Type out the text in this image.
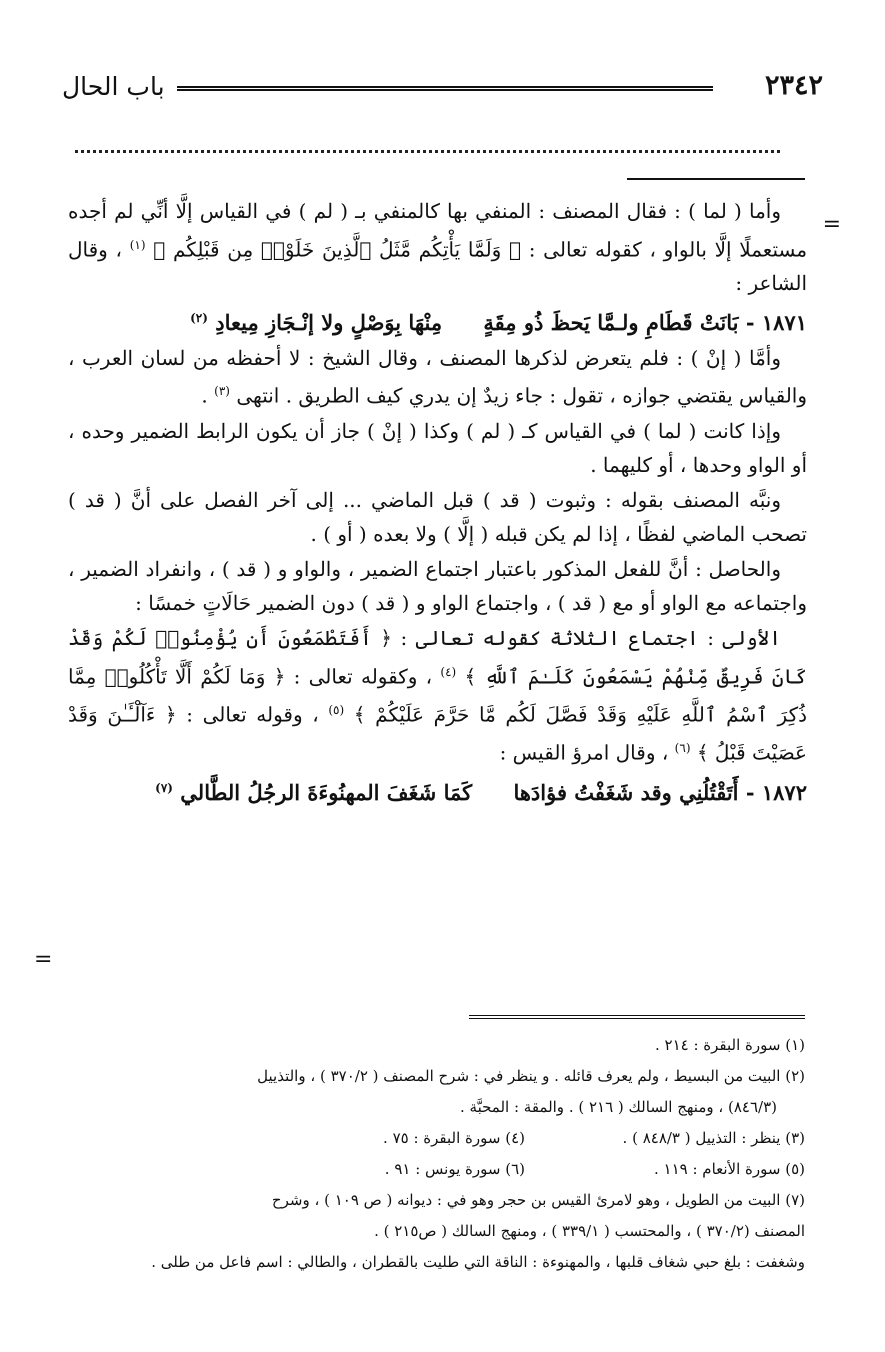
٢٣٤٢
باب الحال
=
=

وأما ( لما ) : فقال المصنف : المنفي بها كالمنفي بـ ( لم ) في القياس إلَّا أنِّي لم أجده مستعملًا إلَّا بالواو ، كقوله تعالى : ﴿ وَلَمَّا يَأْتِكُم مَّثَلُ ٱلَّذِينَ خَلَوْا۟ مِن قَبْلِكُم ﴾ $^{(١)}$ ، وقال الشاعر :

١٨٧١ - بَانَتْ قَطَامِ ولـمَّا يَحظَ ذُو مِقَةٍ مِنْهَا بِوَصْلٍ ولا إنْـجَازِ مِيعادِ $^{(٢)}$

وأمَّا ( إنْ ) : فلم يتعرض لذكرها المصنف ، وقال الشيخ : لا أحفظه من لسان العرب ، والقياس يقتضي جوازه ، تقول : جاء زيدٌ إن يدري كيف الطريق . انتهى $^{(٣)}$ .

وإذا كانت ( لما ) في القياس كـ ( لم ) وكذا ( إنْ ) جاز أن يكون الرابط الضمير وحده ، أو الواو وحدها ، أو كليهما .

ونبَّه المصنف بقوله : وثبوت ( قد ) قبل الماضي ... إلى آخر الفصل على أنَّ ( قد ) تصحب الماضي لفظًا ، إذا لم يكن قبله ( إلَّا ) ولا بعده ( أو ) .

والحاصل : أنَّ للفعل المذكور باعتبار اجتماع الضمير ، والواو و ( قد ) ، وانفراد الضمير ، واجتماعه مع الواو أو مع ( قد ) ، واجتماع الواو و ( قد ) دون الضمير حَالَاتٍ خمسًا :

الأولى : اجتماع الثلاثة كقوله تعالى : ﴿ أَفَتَطْمَعُونَ أَن يُؤْمِنُوا۟ لَكُمْ وَقَدْ كَانَ فَرِيقٌ مِّنْهُمْ يَسْمَعُونَ كَلَـٰمَ ٱللَّهِ ﴾ $^{(٤)}$ ، وكقوله تعالى : ﴿ وَمَا لَكُمْ أَلَّا تَأْكُلُوا۟ مِمَّا ذُكِرَ ٱسْمُ ٱللَّهِ عَلَيْهِ وَقَدْ فَصَّلَ لَكُم مَّا حَرَّمَ عَلَيْكُمْ ﴾ $^{(٥)}$ ، وقوله تعالى : ﴿ ءَآلْـَٔـٰنَ وَقَدْ عَصَيْتَ قَبْلُ ﴾ $^{(٦)}$ ، وقال امرؤ القيس :

١٨٧٢ - أَتَقْتُلُنِي وقد شَغَفْتُ فؤادَها كَمَا شَغَفَ المهنُوءَةَ الرجُلُ الطَّالي $^{(٧)}$

(١) سورة البقرة : ٢١٤ .

(٢) البيت من البسيط ، ولم يعرف قائله . و ينظر في : شرح المصنف ( ٣٧٠/٢ ) ، والتذييل

(٨٤٦/٣) ، ومنهج السالك ( ٢١٦ ) . والمقة : المحبَّة .

(٣) ينظر : التذييل ( ٨٤٨/٣ ) .
(٤) سورة البقرة : ٧٥ .
(٥) سورة الأنعام : ١١٩ .
(٦) سورة يونس : ٩١ .

(٧) البيت من الطويل ، وهو لامرئ القيس بن حجر وهو في : ديوانه ( ص ١٠٩ ) ، وشرح

المصنف (٣٧٠/٢ ) ، والمحتسب ( ٣٣٩/١ ) ، ومنهج السالك ( ص٢١٥ ) .

وشغفت : بلغ حبي شغاف قلبها ، والمهنوءة : الناقة التي طليت بالقطران ، والطالي : اسم فاعل من طلى .
